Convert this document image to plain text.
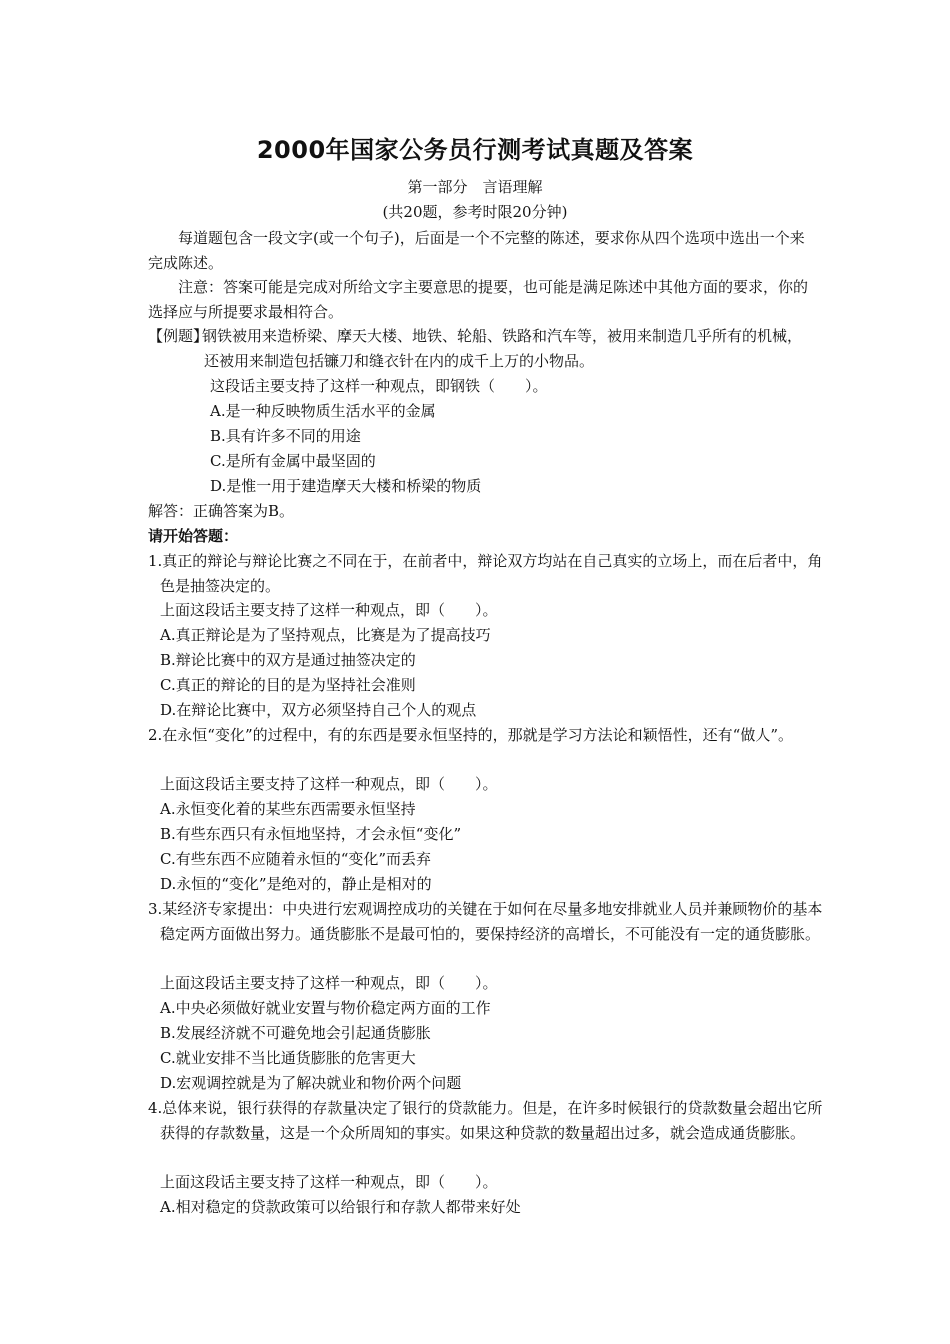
2000年国家公务员行测考试真题及答案
第一部分　言语理解
(共20题，参考时限20分钟)

每道题包含一段文字(或一个句子)，后面是一个不完整的陈述，要求你从四个选项中选出一个来完成陈述。

注意：答案可能是完成对所给文字主要意思的提要，也可能是满足陈述中其他方面的要求，你的选择应与所提要求最相符合。

【例题】
钢铁被用来造桥梁、摩天大楼、地铁、轮船、铁路和汽车等，被用来制造几乎所有的机械，还被用来制造包括镰刀和缝衣针在内的成千上万的小物品。
这段话主要支持了这样一种观点，即钢铁（　　）。
A.是一种反映物质生活水平的金属
B.具有许多不同的用途
C.是所有金属中最坚固的
D.是惟一用于建造摩天大楼和桥梁的物质
解答：正确答案为B。
请开始答题：
1.真正的辩论与辩论比赛之不同在于，在前者中，辩论双方均站在自己真实的立场上，而在后者中，角色是抽签决定的。
上面这段话主要支持了这样一种观点，即（　　）。
A.真正辩论是为了坚持观点，比赛是为了提高技巧
B.辩论比赛中的双方是通过抽签决定的
C.真正的辩论的目的是为坚持社会准则
D.在辩论比赛中，双方必须坚持自己个人的观点
2.在永恒“变化”的过程中，有的东西是要永恒坚持的，那就是学习方法论和颖悟性，还有“做人”。
上面这段话主要支持了这样一种观点，即（　　）。
A.永恒变化着的某些东西需要永恒坚持
B.有些东西只有永恒地坚持，才会永恒“变化”
C.有些东西不应随着永恒的“变化”而丢弃
D.永恒的“变化”是绝对的，静止是相对的
3.某经济专家提出：中央进行宏观调控成功的关键在于如何在尽量多地安排就业人员并兼顾物价的基本稳定两方面做出努力。通货膨胀不是最可怕的，要保持经济的高增长，不可能没有一定的通货膨胀。
上面这段话主要支持了这样一种观点，即（　　）。
A.中央必须做好就业安置与物价稳定两方面的工作
B.发展经济就不可避免地会引起通货膨胀
C.就业安排不当比通货膨胀的危害更大
D.宏观调控就是为了解决就业和物价两个问题
4.总体来说，银行获得的存款量决定了银行的贷款能力。但是，在许多时候银行的贷款数量会超出它所获得的存款数量，这是一个众所周知的事实。如果这种贷款的数量超出过多，就会造成通货膨胀。
上面这段话主要支持了这样一种观点，即（　　）。
A.相对稳定的贷款政策可以给银行和存款人都带来好处
